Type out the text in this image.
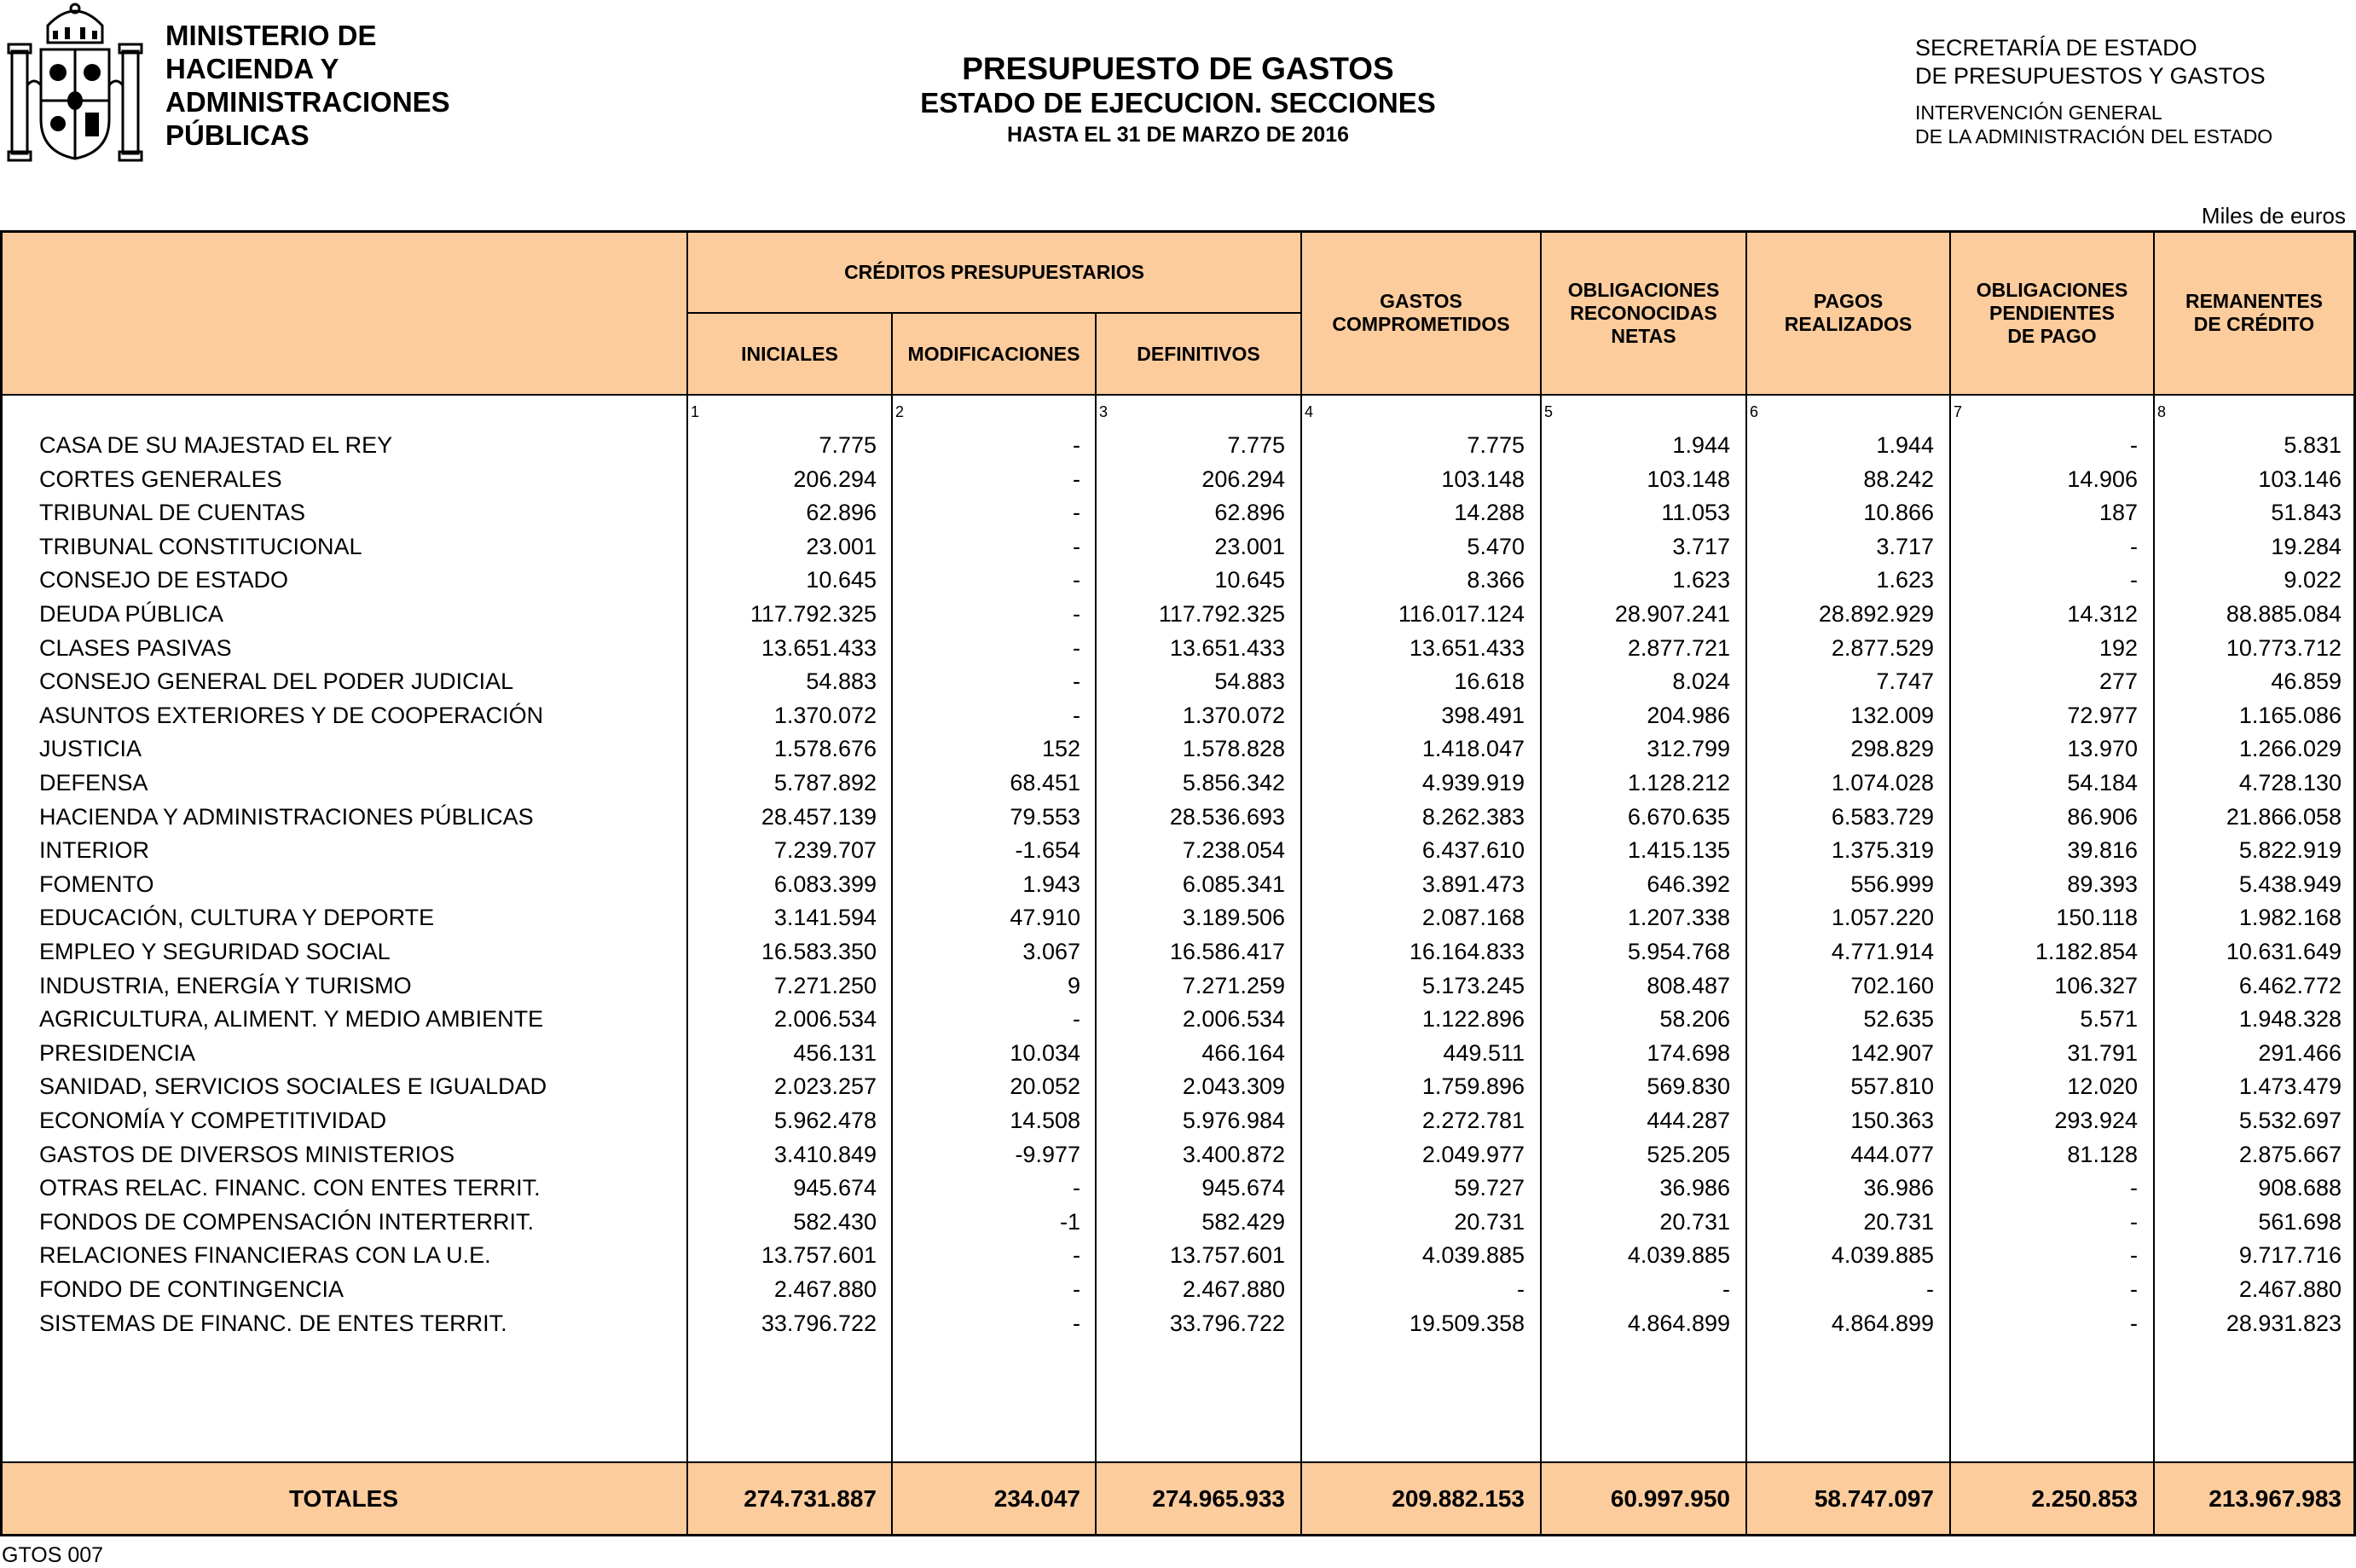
MINISTERIO DE
HACIENDA Y
ADMINISTRACIONES
PÚBLICAS
PRESUPUESTO DE GASTOS
ESTADO DE EJECUCION. SECCIONES
HASTA EL 31 DE MARZO DE 2016
SECRETARÍA DE ESTADO
DE PRESUPUESTOS Y GASTOS
INTERVENCIÓN GENERAL
DE LA ADMINISTRACIÓN DEL ESTADO
Miles de euros
CRÉDITOS PRESUPUESTARIOS
INICIALES	MODIFICACIONES	DEFINITIVOS
GASTOS
COMPROMETIDOS
OBLIGACIONES
RECONOCIDAS
NETAS
PAGOS
REALIZADOS
OBLIGACIONES
PENDIENTES
DE PAGO
REMANENTES
DE CRÉDITO
1	2	3	4	5	6	7	8
CASA DE SU MAJESTAD EL REY	7.775	-	7.775	7.775	1.944	1.944	-	5.831
CORTES GENERALES	206.294	-	206.294	103.148	103.148	88.242	14.906	103.146
TRIBUNAL DE CUENTAS	62.896	-	62.896	14.288	11.053	10.866	187	51.843
TRIBUNAL CONSTITUCIONAL	23.001	-	23.001	5.470	3.717	3.717	-	19.284
CONSEJO DE ESTADO	10.645	-	10.645	8.366	1.623	1.623	-	9.022
DEUDA PÚBLICA	117.792.325	-	117.792.325	116.017.124	28.907.241	28.892.929	14.312	88.885.084
CLASES PASIVAS	13.651.433	-	13.651.433	13.651.433	2.877.721	2.877.529	192	10.773.712
CONSEJO GENERAL DEL PODER JUDICIAL	54.883	-	54.883	16.618	8.024	7.747	277	46.859
ASUNTOS EXTERIORES Y DE COOPERACIÓN	1.370.072	-	1.370.072	398.491	204.986	132.009	72.977	1.165.086
JUSTICIA	1.578.676	152	1.578.828	1.418.047	312.799	298.829	13.970	1.266.029
DEFENSA	5.787.892	68.451	5.856.342	4.939.919	1.128.212	1.074.028	54.184	4.728.130
HACIENDA Y ADMINISTRACIONES PÚBLICAS	28.457.139	79.553	28.536.693	8.262.383	6.670.635	6.583.729	86.906	21.866.058
INTERIOR	7.239.707	-1.654	7.238.054	6.437.610	1.415.135	1.375.319	39.816	5.822.919
FOMENTO	6.083.399	1.943	6.085.341	3.891.473	646.392	556.999	89.393	5.438.949
EDUCACIÓN, CULTURA Y DEPORTE	3.141.594	47.910	3.189.506	2.087.168	1.207.338	1.057.220	150.118	1.982.168
EMPLEO Y SEGURIDAD SOCIAL	16.583.350	3.067	16.586.417	16.164.833	5.954.768	4.771.914	1.182.854	10.631.649
INDUSTRIA, ENERGÍA Y TURISMO	7.271.250	9	7.271.259	5.173.245	808.487	702.160	106.327	6.462.772
AGRICULTURA, ALIMENT. Y MEDIO AMBIENTE	2.006.534	-	2.006.534	1.122.896	58.206	52.635	5.571	1.948.328
PRESIDENCIA	456.131	10.034	466.164	449.511	174.698	142.907	31.791	291.466
SANIDAD, SERVICIOS SOCIALES E IGUALDAD	2.023.257	20.052	2.043.309	1.759.896	569.830	557.810	12.020	1.473.479
ECONOMÍA Y COMPETITIVIDAD	5.962.478	14.508	5.976.984	2.272.781	444.287	150.363	293.924	5.532.697
GASTOS DE DIVERSOS MINISTERIOS	3.410.849	-9.977	3.400.872	2.049.977	525.205	444.077	81.128	2.875.667
OTRAS RELAC. FINANC. CON ENTES TERRIT.	945.674	-	945.674	59.727	36.986	36.986	-	908.688
FONDOS DE COMPENSACIÓN INTERTERRIT.	582.430	-1	582.429	20.731	20.731	20.731	-	561.698
RELACIONES FINANCIERAS CON LA U.E.	13.757.601	-	13.757.601	4.039.885	4.039.885	4.039.885	-	9.717.716
FONDO DE CONTINGENCIA	2.467.880	-	2.467.880	-	-	-	-	2.467.880
SISTEMAS DE FINANC. DE ENTES TERRIT.	33.796.722	-	33.796.722	19.509.358	4.864.899	4.864.899	-	28.931.823
TOTALES	274.731.887	234.047	274.965.933	209.882.153	60.997.950	58.747.097	2.250.853	213.967.983
GTOS 007
